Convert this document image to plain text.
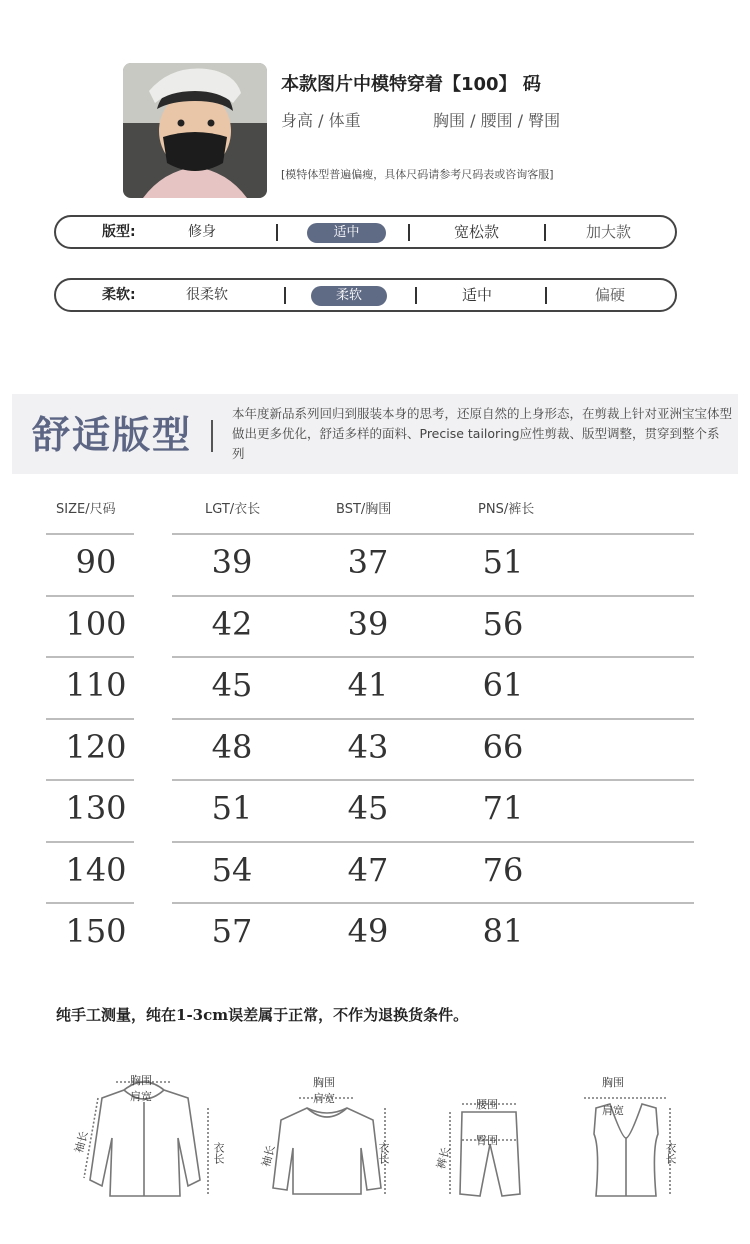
本款图片中模特穿着【100】 码
身高 / 体重	胸围 / 腰围 / 臀围
[模特体型普遍偏瘦，具体尺码请参考尺码表或咨询客服]
版型:	修身	适中	宽松款	加大款
柔软:	很柔软	柔软	适中	偏硬
舒适版型	本年度新品系列回归到服装本身的思考，还原自然的上身形态，在剪裁上针对亚洲宝宝体型做出更多优化，舒适多样的面料、Precise tailoring应性剪裁、版型调整，贯穿到整个系列
SIZE/尺码	LGT/衣长	BST/胸围	PNS/裤长
90	39	37	51
100	42	39	56
110	45	41	61
120	48	43	66
130	51	45	71
140	54	47	76
150	57	49	81
纯手工测量，纯在1-3cm误差属于正常，不作为退换货条件。
胸围
肩宽
袖长	衣长
胸围
肩宽
袖长	衣长
腰围
臀围
裤长
胸围
肩宽
衣长
